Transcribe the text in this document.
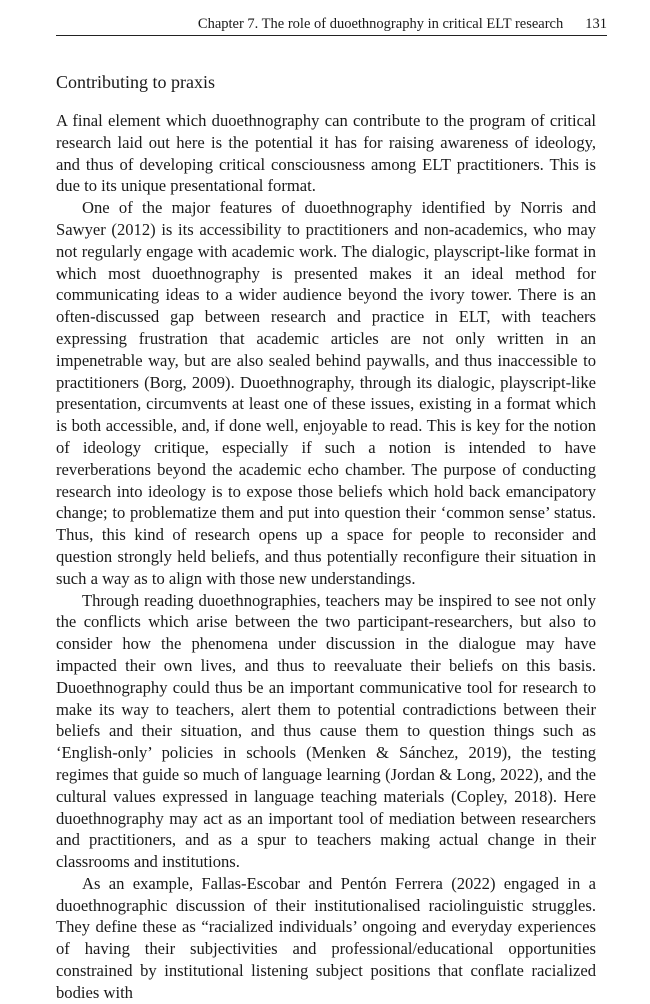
Chapter 7. The role of duoethnography in critical ELT research 131
Contributing to praxis

A final element which duoethnography can contribute to the program of critical research laid out here is the potential it has for raising awareness of ideology, and thus of developing critical consciousness among ELT practitioners. This is due to its unique presentational format.

One of the major features of duoethnography identified by Norris and Sawyer (2012) is its accessibility to practitioners and non-academics, who may not regularly engage with academic work. The dialogic, playscript-like format in which most duoethnography is presented makes it an ideal method for communicating ideas to a wider audience beyond the ivory tower. There is an often-discussed gap between research and practice in ELT, with teachers expressing frustration that academic articles are not only written in an impenetrable way, but are also sealed behind paywalls, and thus inaccessible to practitioners (Borg, 2009). Duoethnography, through its dialogic, playscript-like presentation, circumvents at least one of these issues, existing in a format which is both accessible, and, if done well, enjoyable to read. This is key for the notion of ideology critique, especially if such a notion is intended to have reverberations beyond the academic echo chamber. The purpose of conducting research into ideology is to expose those beliefs which hold back emancipatory change; to problematize them and put into question their ‘common sense’ status. Thus, this kind of research opens up a space for people to reconsider and question strongly held beliefs, and thus potentially reconfigure their situation in such a way as to align with those new understandings.

Through reading duoethnographies, teachers may be inspired to see not only the conflicts which arise between the two participant-researchers, but also to consider how the phenomena under discussion in the dialogue may have impacted their own lives, and thus to reevaluate their beliefs on this basis. Duoethnography could thus be an important communicative tool for research to make its way to teachers, alert them to potential contradictions between their beliefs and their situation, and thus cause them to question things such as ‘English-only’ policies in schools (Menken & Sánchez, 2019), the testing regimes that guide so much of language learning (Jordan & Long, 2022), and the cultural values expressed in language teaching materials (Copley, 2018). Here duoethnography may act as an important tool of mediation between researchers and practitioners, and as a spur to teachers making actual change in their classrooms and institutions.

As an example, Fallas-Escobar and Pentón Ferrera (2022) engaged in a duoethnographic discussion of their institutionalised raciolinguistic struggles. They define these as “racialized individuals’ ongoing and everyday experiences of having their subjectivities and professional/educational opportunities constrained by institutional listening subject positions that conflate racialized bodies with
